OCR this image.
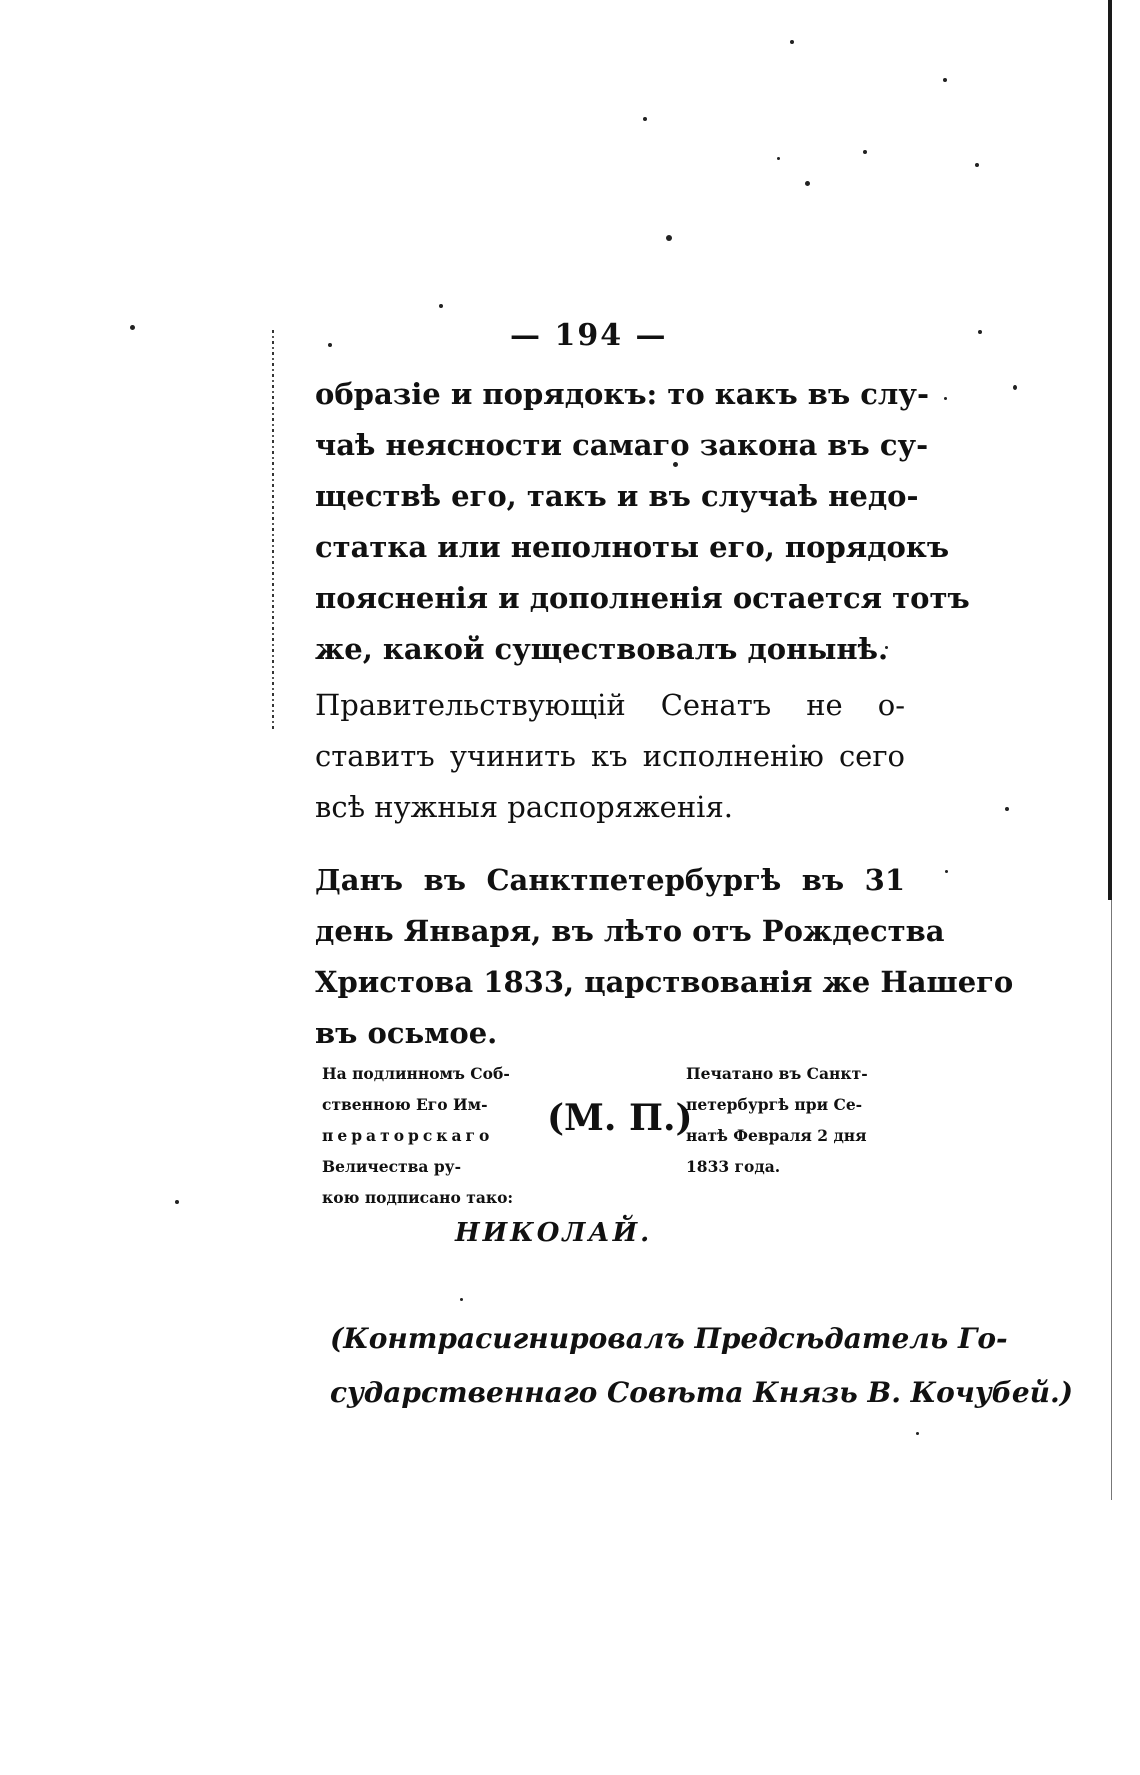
— 194 —
образіе и порядокъ: то какъ въ слу-
чаѣ неясности самаго закона въ су-
ществѣ его, такъ и въ случаѣ недо-
статка или неполноты его, порядокъ
поясненія и дополненія остается тотъ
же, какой существовалъ донынѣ.
Правительствующій Сенатъ не о-
ставитъ учинить къ исполненію сего
всѣ нужныя распоряженія.
Данъ въ Санктпетербургѣ въ 31
день Января, въ лѣто отъ Рождества
Христова 1833, царствованія же Нашего
въ осьмое.
На подлинномъ Соб-
ственною Его Им-
ператорскаго
Величества ру-
кою подписано тако:
(М. П.)
Печатано въ Санкт-
петербургѣ при Се-
натѣ Февраля 2 дня
1833 года.
НИКОЛАЙ.
(Контрасигнировалъ Предсѣдатель Го-
сударственнаго Совѣта Князь В. Кочубей.)
